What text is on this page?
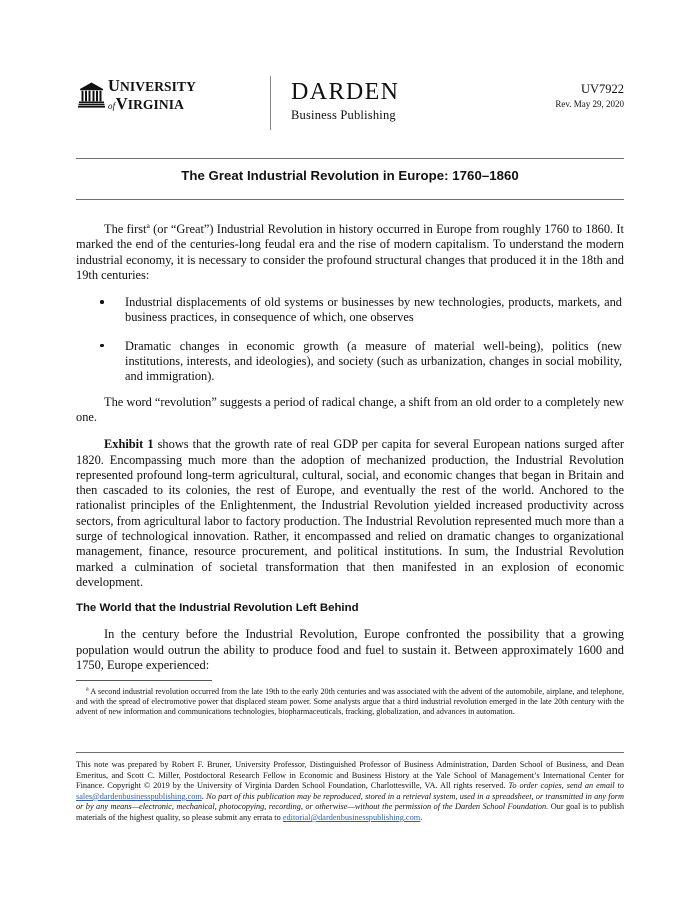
UNIVERSITY
ofVIRGINIA	DARDEN
Business Publishing
UV7922
Rev. May 29, 2020
The Great Industrial Revolution in Europe: 1760–1860

The first$^a$ (or “Great”) Industrial Revolution in history occurred in Europe from roughly 1760 to 1860. It marked the end of the centuries-long feudal era and the rise of modern capitalism. To understand the modern industrial economy, it is necessary to consider the profound structural changes that produced it in the 18th and 19th centuries:

Industrial displacements of old systems or businesses by new technologies, products, markets, and business practices, in consequence of which, one observes
Dramatic changes in economic growth (a measure of material well-being), politics (new institutions, interests, and ideologies), and society (such as urbanization, changes in social mobility, and immigration).

The word “revolution” suggests a period of radical change, a shift from an old order to a completely new one.

Exhibit 1 shows that the growth rate of real GDP per capita for several European nations surged after 1820. Encompassing much more than the adoption of mechanized production, the Industrial Revolution represented profound long-term agricultural, cultural, social, and economic changes that began in Britain and then cascaded to its colonies, the rest of Europe, and eventually the rest of the world. Anchored to the rationalist principles of the Enlightenment, the Industrial Revolution yielded increased productivity across sectors, from agricultural labor to factory production. The Industrial Revolution represented much more than a surge of technological innovation. Rather, it encompassed and relied on dramatic changes to organizational management, finance, resource procurement, and political institutions. In sum, the Industrial Revolution marked a culmination of societal transformation that then manifested in an explosion of economic development.

The World that the Industrial Revolution Left Behind

In the century before the Industrial Revolution, Europe confronted the possibility that a growing population would outrun the ability to produce food and fuel to sustain it. Between approximately 1600 and 1750, Europe experienced:

$^a$ A second industrial revolution occurred from the late 19th to the early 20th centuries and was associated with the advent of the automobile, airplane, and telephone, and with the spread of electromotive power that displaced steam power. Some analysts argue that a third industrial revolution emerged in the late 20th century with the advent of new information and communications technologies, biopharmaceuticals, fracking, globalization, and advances in automation.

This note was prepared by Robert F. Bruner, University Professor, Distinguished Professor of Business Administration, Darden School of Business, and Dean Emeritus, and Scott C. Miller, Postdoctoral Research Fellow in Economic and Business History at the Yale School of Management’s International Center for Finance. Copyright © 2019 by the University of Virginia Darden School Foundation, Charlottesville, VA. All rights reserved. To order copies, send an email to sales@dardenbusinesspublishing.com. No part of this publication may be reproduced, stored in a retrieval system, used in a spreadsheet, or transmitted in any form or by any means—electronic, mechanical, photocopying, recording, or otherwise—without the permission of the Darden School Foundation. Our goal is to publish materials of the highest quality, so please submit any errata to editorial@dardenbusinesspublishing.com.
